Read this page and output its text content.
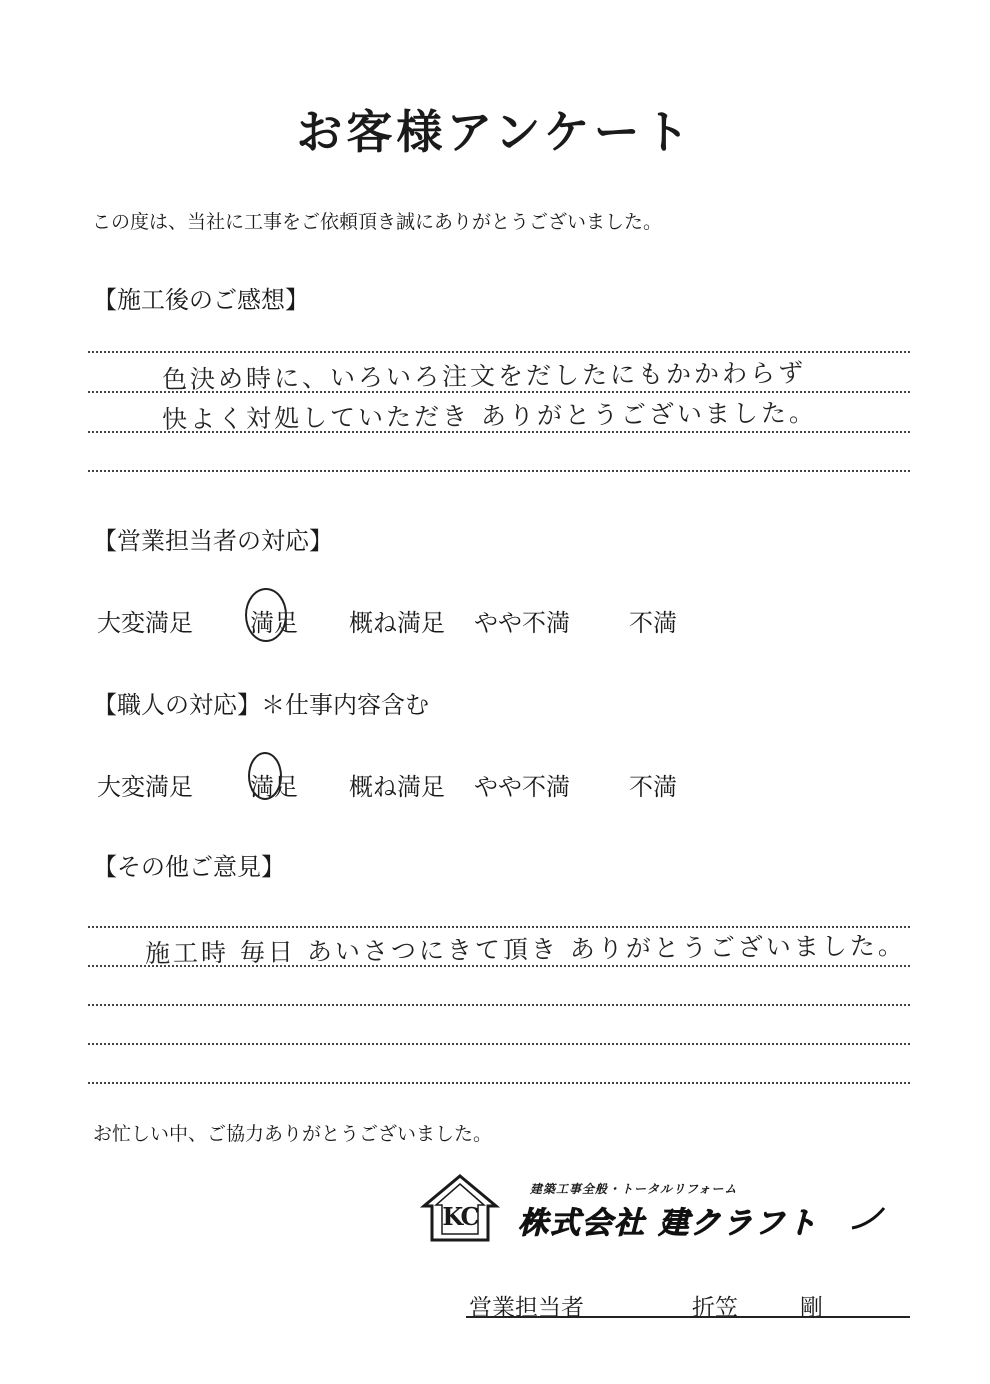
お客様アンケート
この度は、当社に工事をご依頼頂き誠にありがとうございました。
【施工後のご感想】
色決め時に、いろいろ注文をだしたにもかかわらず
快よく対処していただき ありがとうございました。
【営業担当者の対応】
大変満足 満足 概ね満足 やや不満 不満
【職人の対応】＊仕事内容含む
大変満足 満足 概ね満足 やや不満 不満
【その他ご意見】
施工時 毎日 あいさつにきて頂き ありがとうございました。
お忙しい中、ご協力ありがとうございました。
KC
建築工事全般・トータルリフォーム
株式会社 建クラフト
営業担当者	折笠	剛
